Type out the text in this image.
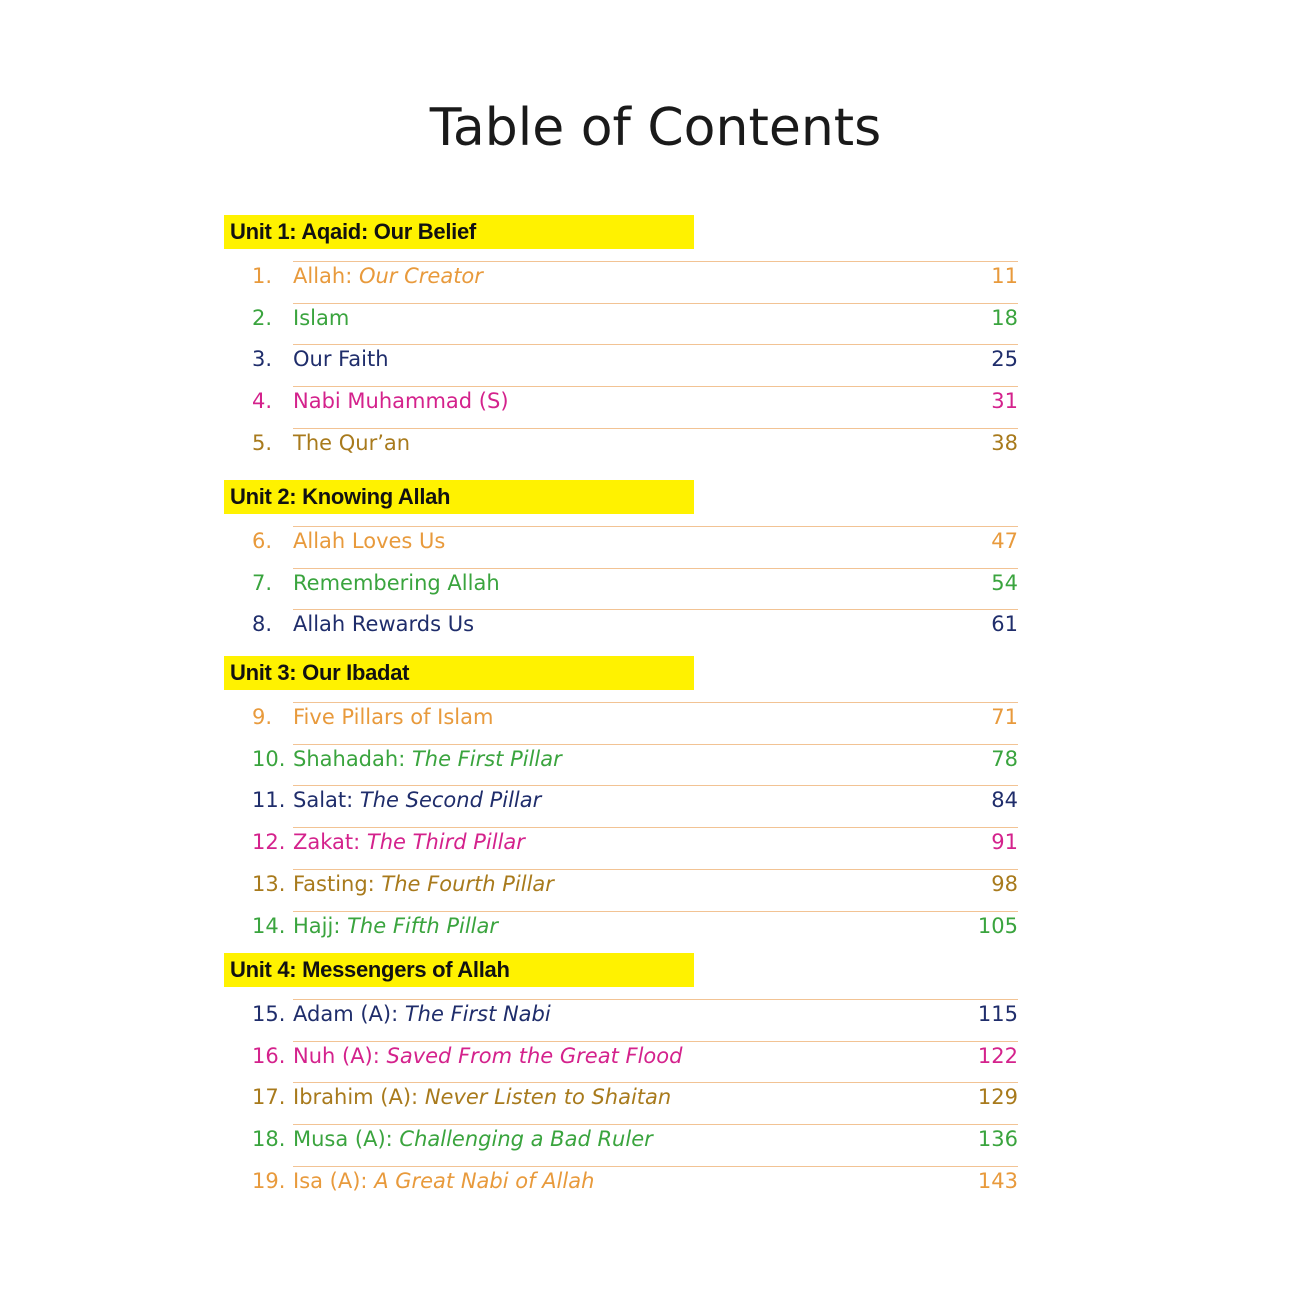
Table of Contents
Unit 1: Aqaid: Our Belief
1. Allah: Our Creator	11
2. Islam	18
3. Our Faith	25
4. Nabi Muhammad (S)	31
5. The Qur’an	38
Unit 2: Knowing Allah
6. Allah Loves Us	47
7. Remembering Allah	54
8. Allah Rewards Us	61
Unit 3: Our Ibadat
9. Five Pillars of Islam	71
10. Shahadah: The First Pillar	78
11. Salat: The Second Pillar	84
12. Zakat: The Third Pillar	91
13. Fasting: The Fourth Pillar	98
14. Hajj: The Fifth Pillar	105
Unit 4: Messengers of Allah
15. Adam (A): The First Nabi	115
16. Nuh (A): Saved From the Great Flood	122
17. Ibrahim (A): Never Listen to Shaitan	129
18. Musa (A): Challenging a Bad Ruler	136
19. Isa (A): A Great Nabi of Allah	143
